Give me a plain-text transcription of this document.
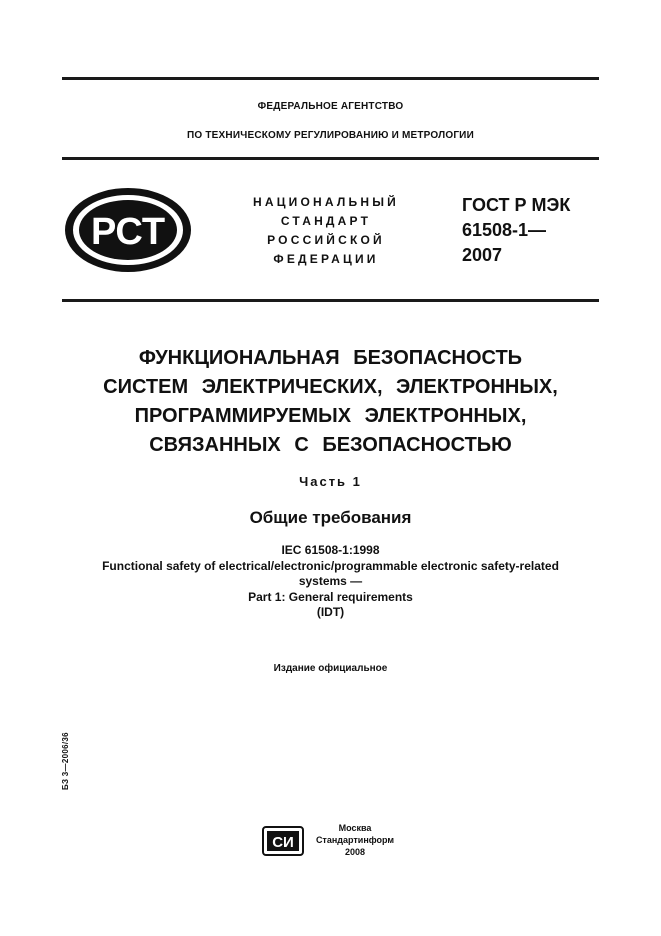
ФЕДЕРАЛЬНОЕ АГЕНТСТВО
ПО ТЕХНИЧЕСКОМУ РЕГУЛИРОВАНИЮ И МЕТРОЛОГИИ
РСТ
НАЦИОНАЛЬНЫЙ
СТАНДАРТ
РОССИЙСКОЙ
ФЕДЕРАЦИИ
ГОСТ Р МЭК
61508-1—
2007
ФУНКЦИОНАЛЬНАЯ БЕЗОПАСНОСТЬ
СИСТЕМ ЭЛЕКТРИЧЕСКИХ, ЭЛЕКТРОННЫХ,
ПРОГРАММИРУЕМЫХ ЭЛЕКТРОННЫХ,
СВЯЗАННЫХ С БЕЗОПАСНОСТЬЮ
Часть 1
Общие требования
IEC 61508-1:1998
Functional safety of electrical/electronic/programmable electronic safety-related
systems —
Part 1: General requirements
(IDT)
Издание официальное
БЗ 3—2006/36
СИ
Москва
Стандартинформ
2008
